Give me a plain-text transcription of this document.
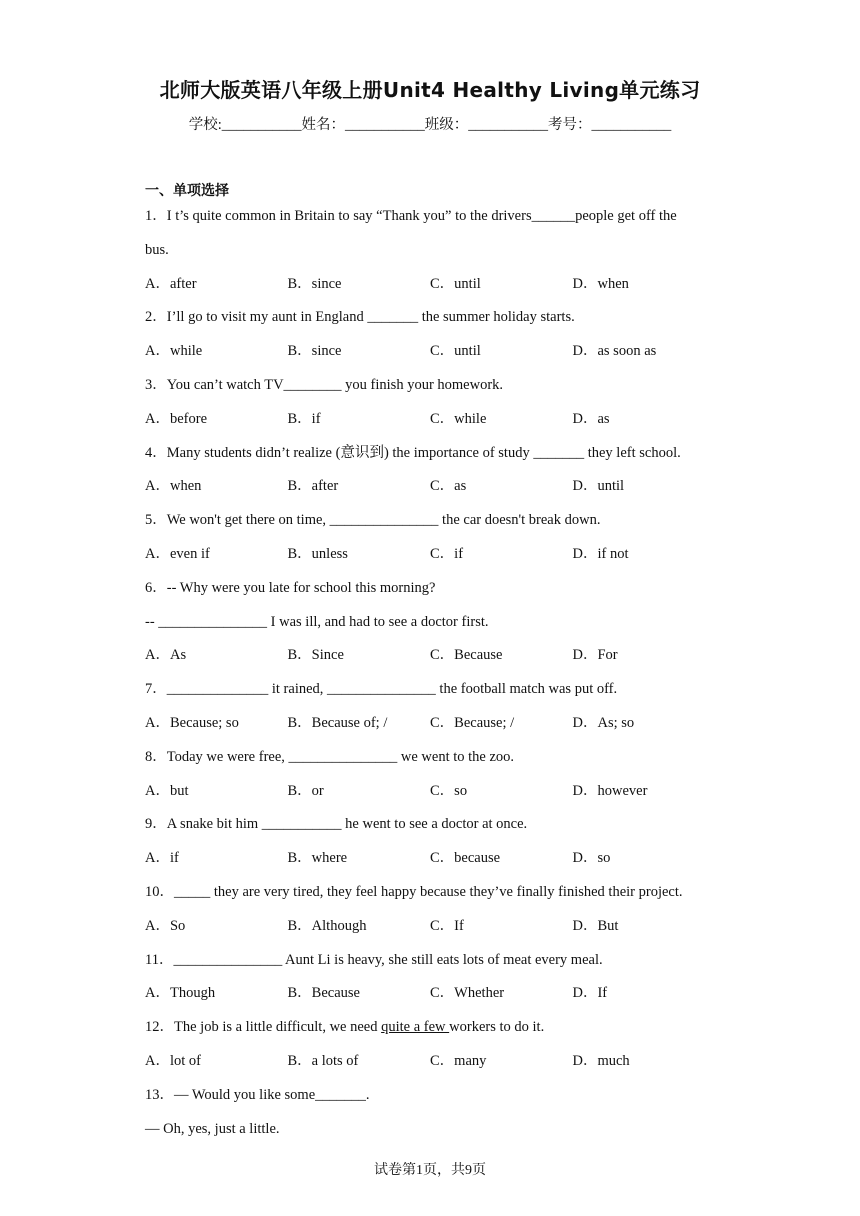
北师大版英语八年级上册Unit4 Healthy Living单元练习
学校:___________姓名：___________班级：___________考号：___________
一、单项选择
1．I t’s quite common in Britain to say “Thank you” to the drivers______people get off the
bus.
A．after	B．since	C．until	D．when
2．I’ll go to visit my aunt in England _______ the summer holiday starts.
A．while	B．since	C．until	D．as soon as
3．You can’t watch TV________ you finish your homework.
A．before	B．if	C．while	D．as
4．Many students didn’t realize (意识到) the importance of study _______ they left school.
A．when	B．after	C．as	D．until
5．We won't get there on time, _______________ the car doesn't break down.
A．even if	B．unless	C．if	D．if not
6．-- Why were you late for school this morning?
-- _______________ I was ill, and had to see a doctor first.
A．As	B．Since	C．Because	D．For
7．______________ it rained, _______________ the football match was put off.
A．Because; so	B．Because of; /	C．Because; /	D．As; so
8．Today we were free, _______________ we went to the zoo.
A．but	B．or	C．so	D．however
9．A snake bit him ___________ he went to see a doctor at once.
A．if	B．where	C．because	D．so
10．_____ they are very tired, they feel happy because they’ve finally finished their project.
A．So	B．Although	C．If	D．But
11．_______________ Aunt Li is heavy, she still eats lots of meat every meal.
A．Though	B．Because	C．Whether	D．If
12．The job is a little difficult, we need quite a few workers to do it.
A．lot of	B．a lots of	C．many	D．much
13．— Would you like some_______.
— Oh, yes, just a little.
试卷第1页，共9页
